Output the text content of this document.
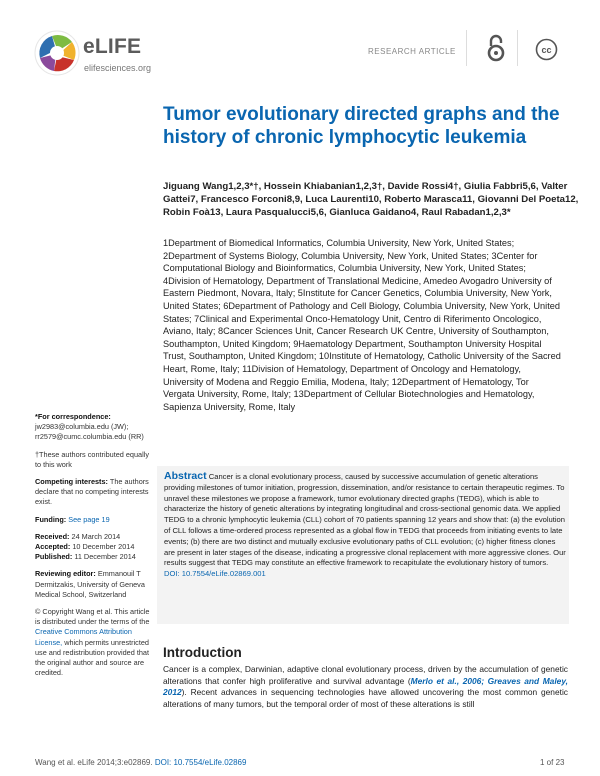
eLIFE
elifesciences.org
RESEARCH ARTICLE	cc
Tumor evolutionary directed graphs and the history of chronic lymphocytic leukemia
Jiguang Wang1,2,3*†, Hossein Khiabanian1,2,3†, Davide Rossi4†, Giulia Fabbri5,6, Valter Gattei7, Francesco Forconi8,9, Luca Laurenti10, Roberto Marasca11, Giovanni Del Poeta12, Robin Foà13, Laura Pasqualucci5,6, Gianluca Gaidano4, Raul Rabadan1,2,3*
1Department of Biomedical Informatics, Columbia University, New York, United States; 2Department of Systems Biology, Columbia University, New York, United States; 3Center for Computational Biology and Bioinformatics, Columbia University, New York, United States; 4Division of Hematology, Department of Translational Medicine, Amedeo Avogadro University of Eastern Piedmont, Novara, Italy; 5Institute for Cancer Genetics, Columbia University, New York, United States; 6Department of Pathology and Cell Biology, Columbia University, New York, United States; 7Clinical and Experimental Onco-Hematology Unit, Centro di Riferimento Oncologico, Aviano, Italy; 8Cancer Sciences Unit, Cancer Research UK Centre, University of Southampton, Southampton, United Kingdom; 9Haematology Department, Southampton University Hospital Trust, Southampton, United Kingdom; 10Institute of Hematology, Catholic University of the Sacred Heart, Rome, Italy; 11Division of Hematology, Department of Oncology and Hematology, University of Modena and Reggio Emilia, Modena, Italy; 12Department of Hematology, Tor Vergata University, Rome, Italy; 13Department of Cellular Biotechnologies and Hematology, Sapienza University, Rome, Italy
*For correspondence: jw2983@columbia.edu (JW); rr2579@cumc.columbia.edu (RR)
†These authors contributed equally to this work
Competing interests: The authors declare that no competing interests exist.
Funding: See page 19
Received: 24 March 2014
Accepted: 10 December 2014
Published: 11 December 2014
Reviewing editor: Emmanouil T Dermitzakis, University of Geneva Medical School, Switzerland
© Copyright Wang et al. This article is distributed under the terms of the Creative Commons Attribution License, which permits unrestricted use and redistribution provided that the original author and source are credited.
Abstract Cancer is a clonal evolutionary process, caused by successive accumulation of genetic alterations providing milestones of tumor initiation, progression, dissemination, and/or resistance to certain therapeutic regimes. To unravel these milestones we propose a framework, tumor evolutionary directed graphs (TEDG), which is able to characterize the history of genetic alterations by integrating longitudinal and cross-sectional genomic data. We applied TEDG to a chronic lymphocytic leukemia (CLL) cohort of 70 patients spanning 12 years and show that: (a) the evolution of CLL follows a time-ordered process represented as a global flow in TEDG that proceeds from initiating events to late events; (b) there are two distinct and mutually exclusive evolutionary paths of CLL evolution; (c) higher fitness clones are present in later stages of the disease, indicating a progressive clonal replacement with more aggressive clones. Our results suggest that TEDG may constitute an effective framework to recapitulate the evolutionary history of tumors.
DOI: 10.7554/eLife.02869.001
Introduction
Cancer is a complex, Darwinian, adaptive clonal evolutionary process, driven by the accumulation of genetic alterations that confer high proliferative and survival advantage (Merlo et al., 2006; Greaves and Maley, 2012). Recent advances in sequencing technologies have allowed uncovering the most common genetic alterations of many tumors, but the temporal order of most of these alterations is still
Wang et al. eLife 2014;3:e02869. DOI: 10.7554/eLife.02869	1 of 23
